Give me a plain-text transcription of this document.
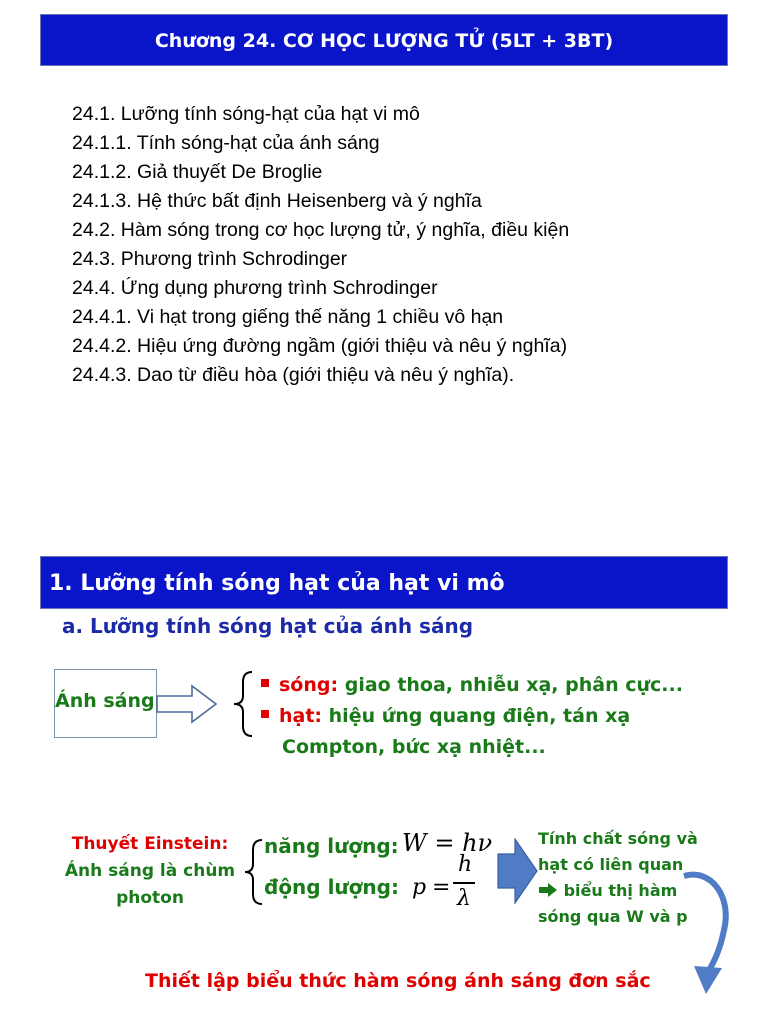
Chương 24. CƠ HỌC LƯỢNG TỬ (5LT + 3BT)
24.1. Lưỡng tính sóng-hạt của hạt vi mô
24.1.1. Tính sóng-hạt của ánh sáng
24.1.2. Giả thuyết De Broglie
24.1.3. Hệ thức bất định Heisenberg và ý nghĩa
24.2. Hàm sóng trong cơ học lượng tử, ý nghĩa, điều kiện
24.3. Phương trình Schrodinger
24.4. Ứng dụng phương trình Schrodinger
24.4.1. Vi hạt trong giếng thế năng 1 chiều vô hạn
24.4.2. Hiệu ứng đường ngầm (giới thiệu và nêu ý nghĩa)
24.4.3. Dao từ điều hòa (giới thiệu và nêu ý nghĩa).
1. Lưỡng tính sóng hạt của hạt vi mô
a. Lưỡng tính sóng hạt của ánh sáng
Ánh sáng
sóng: giao thoa, nhiễu xạ, phân cực...
hạt: hiệu ứng quang điện, tán xạ
Compton, bức xạ nhiệt...
Thuyết Einstein:
Ánh sáng là chùm
photon
năng lượng: W = hν
động lượng: p =
h
λ
Tính chất sóng và
hạt có liên quan
biểu thị hàm
sóng qua W và p
Thiết lập biểu thức hàm sóng ánh sáng đơn sắc
